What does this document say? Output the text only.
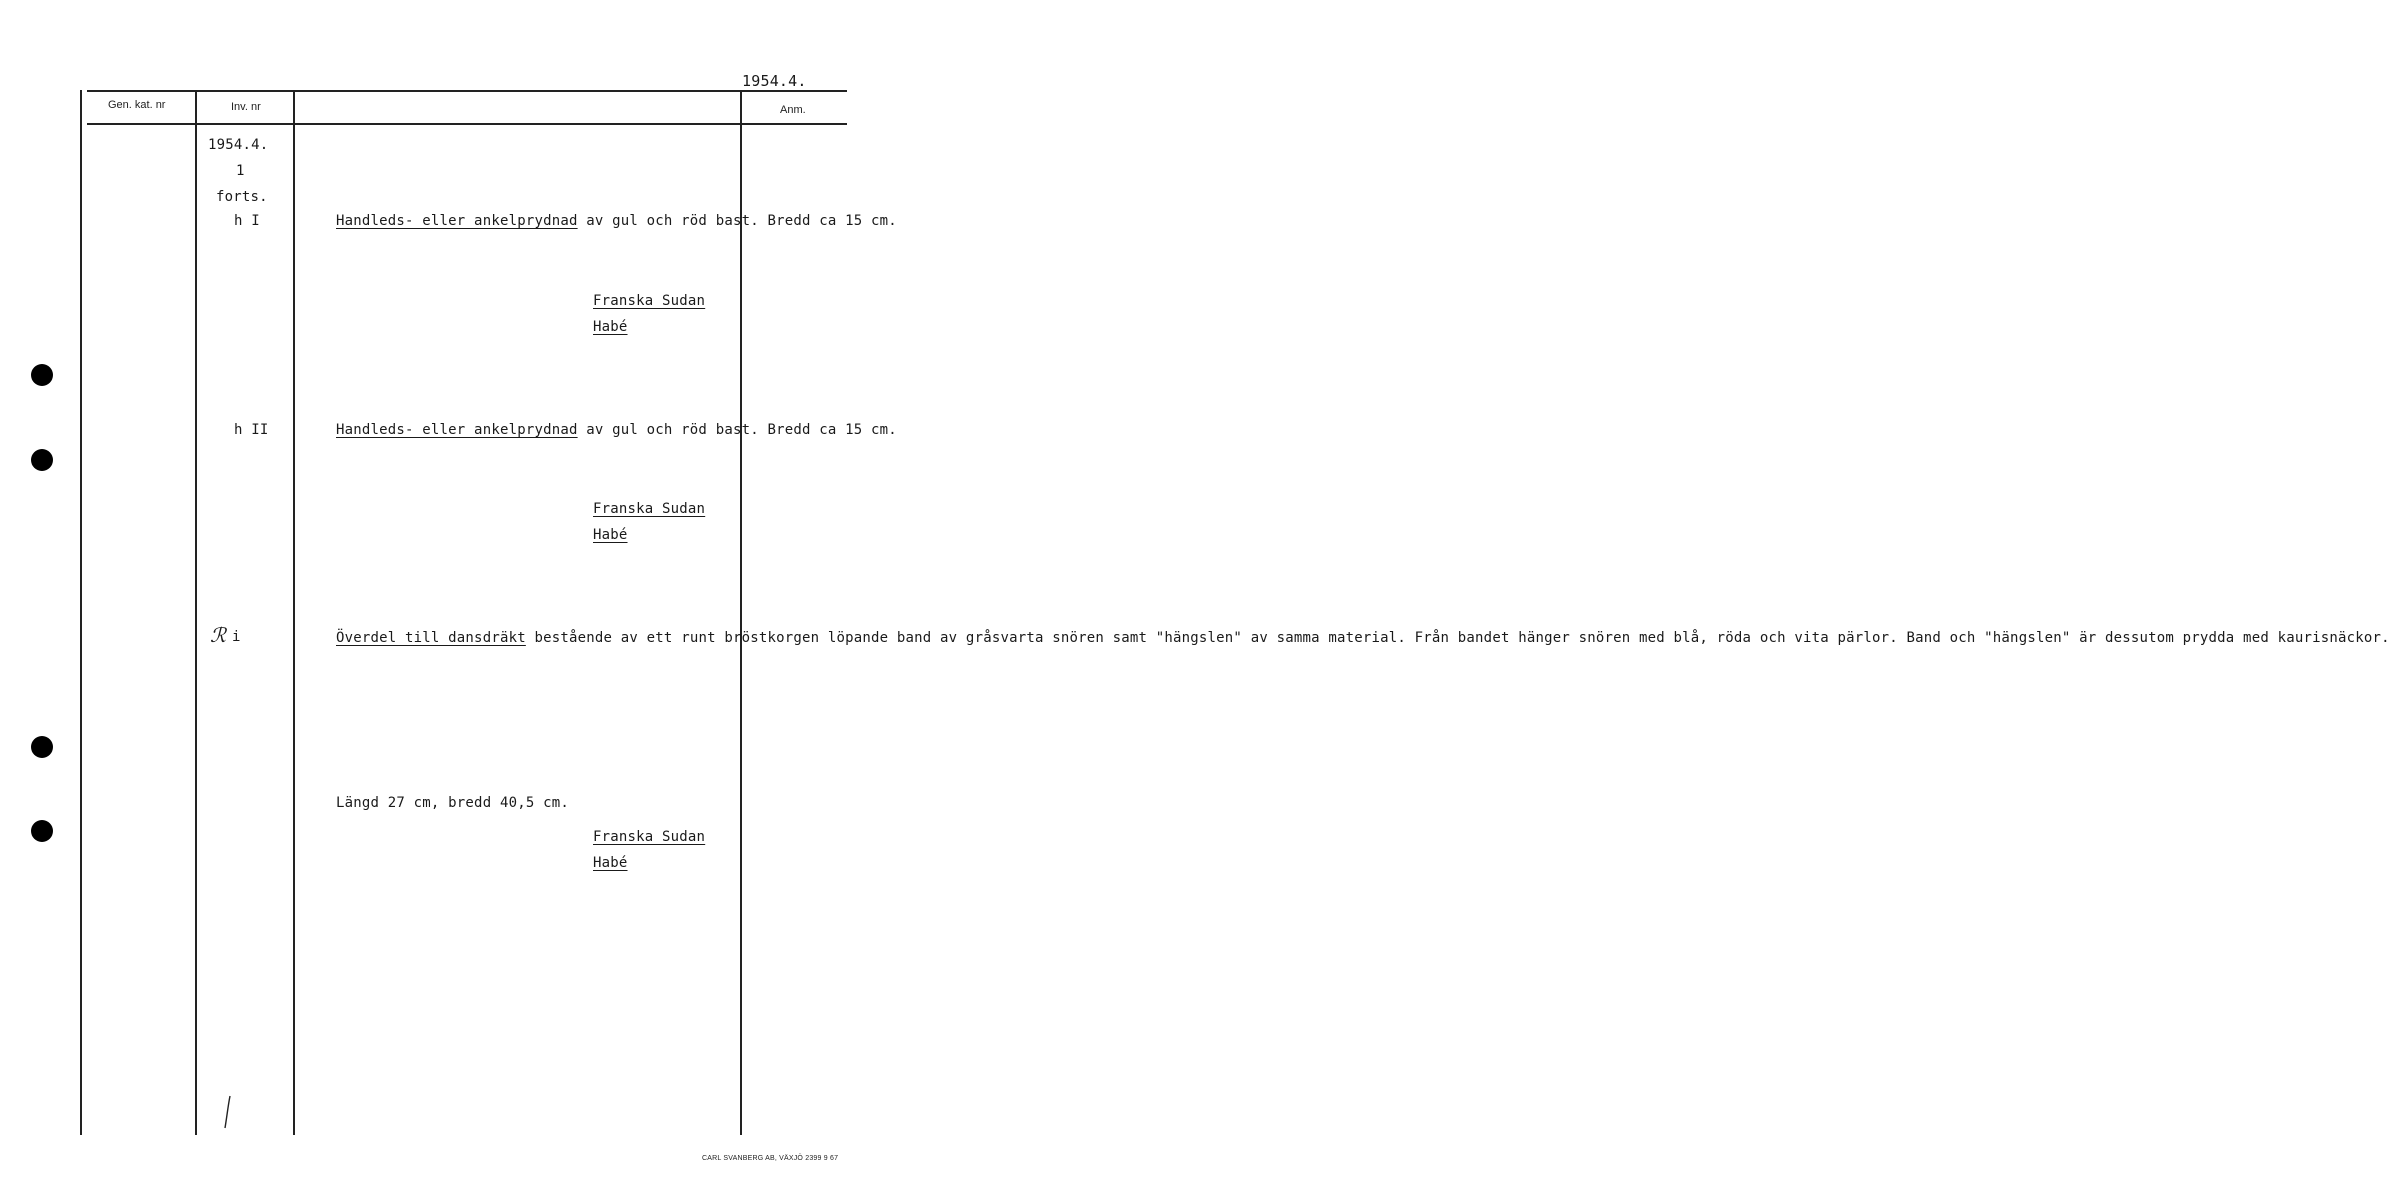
1954.4.
Gen. kat. nr	Inv. nr	Anm.
1954.4.
1
forts.
h I	Handleds- eller ankelprydnad av gul och röd bast. Bredd ca 15 cm.
Franska Sudan
Habé
h II	Handleds- eller ankelprydnad av gul och röd bast. Bredd ca 15 cm.
Franska Sudan
Habé
ℛ i	Överdel till dansdräkt bestående av ett runt bröstkorgen löpande band av gråsvarta snören samt "hängslen" av samma material. Från bandet hänger snören med blå, röda och vita pärlor. Band och "hängslen" är dessutom prydda med kaurisnäckor.
Längd 27 cm, bredd 40,5 cm.
Franska Sudan
Habé
CARL SVANBERG AB, VÄXJÖ 2399 9 67
